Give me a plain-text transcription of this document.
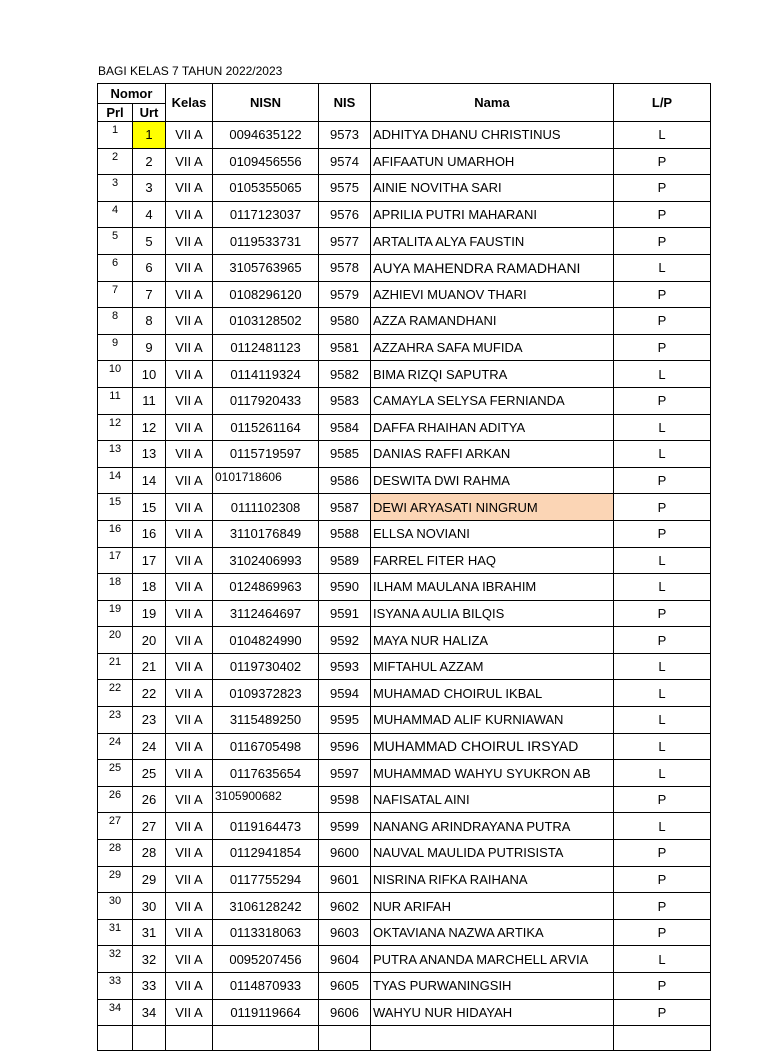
BAGI KELAS 7 TAHUN 2022/2023
Nomor		Kelas	NISN	NIS	Nama	L/P
Prl	Urt					
1	1	VII A	0094635122	9573	ADHITYA DHANU CHRISTINUS	L
2	2	VII A	0109456556	9574	AFIFAATUN UMARHOH	P
3	3	VII A	0105355065	9575	AINIE NOVITHA SARI	P
4	4	VII A	0117123037	9576	APRILIA PUTRI MAHARANI	P
5	5	VII A	0119533731	9577	ARTALITA ALYA FAUSTIN	P
6	6	VII A	3105763965	9578	AUYA MAHENDRA RAMADHANI	L
7	7	VII A	0108296120	9579	AZHIEVI MUANOV THARI	P
8	8	VII A	0103128502	9580	AZZA RAMANDHANI	P
9	9	VII A	0112481123	9581	AZZAHRA SAFA MUFIDA	P
10	10	VII A	0114119324	9582	BIMA RIZQI SAPUTRA	L
11	11	VII A	0117920433	9583	CAMAYLA SELYSA FERNIANDA	P
12	12	VII A	0115261164	9584	DAFFA RHAIHAN ADITYA	L
13	13	VII A	0115719597	9585	DANIAS RAFFI ARKAN	L
14	14	VII A	0101718606	9586	DESWITA DWI RAHMA	P
15	15	VII A	0111102308	9587	DEWI ARYASATI NINGRUM	P
16	16	VII A	3110176849	9588	ELLSA NOVIANI	P
17	17	VII A	3102406993	9589	FARREL FITER HAQ	L
18	18	VII A	0124869963	9590	ILHAM MAULANA IBRAHIM	L
19	19	VII A	3112464697	9591	ISYANA AULIA BILQIS	P
20	20	VII A	0104824990	9592	MAYA NUR HALIZA	P
21	21	VII A	0119730402	9593	MIFTAHUL AZZAM	L
22	22	VII A	0109372823	9594	MUHAMAD CHOIRUL IKBAL	L
23	23	VII A	3115489250	9595	MUHAMMAD ALIF KURNIAWAN	L
24	24	VII A	0116705498	9596	MUHAMMAD CHOIRUL IRSYAD	L
25	25	VII A	0117635654	9597	MUHAMMAD WAHYU SYUKRON AB	L
26	26	VII A	3105900682	9598	NAFISATAL AINI	P
27	27	VII A	0119164473	9599	NANANG ARINDRAYANA PUTRA	L
28	28	VII A	0112941854	9600	NAUVAL MAULIDA PUTRISISTA	P
29	29	VII A	0117755294	9601	NISRINA RIFKA RAIHANA	P
30	30	VII A	3106128242	9602	NUR ARIFAH	P
31	31	VII A	0113318063	9603	OKTAVIANA NAZWA ARTIKA	P
32	32	VII A	0095207456	9604	PUTRA ANANDA MARCHELL ARVIA	L
33	33	VII A	0114870933	9605	TYAS PURWANINGSIH	P
34	34	VII A	0119119664	9606	WAHYU NUR HIDAYAH	P
